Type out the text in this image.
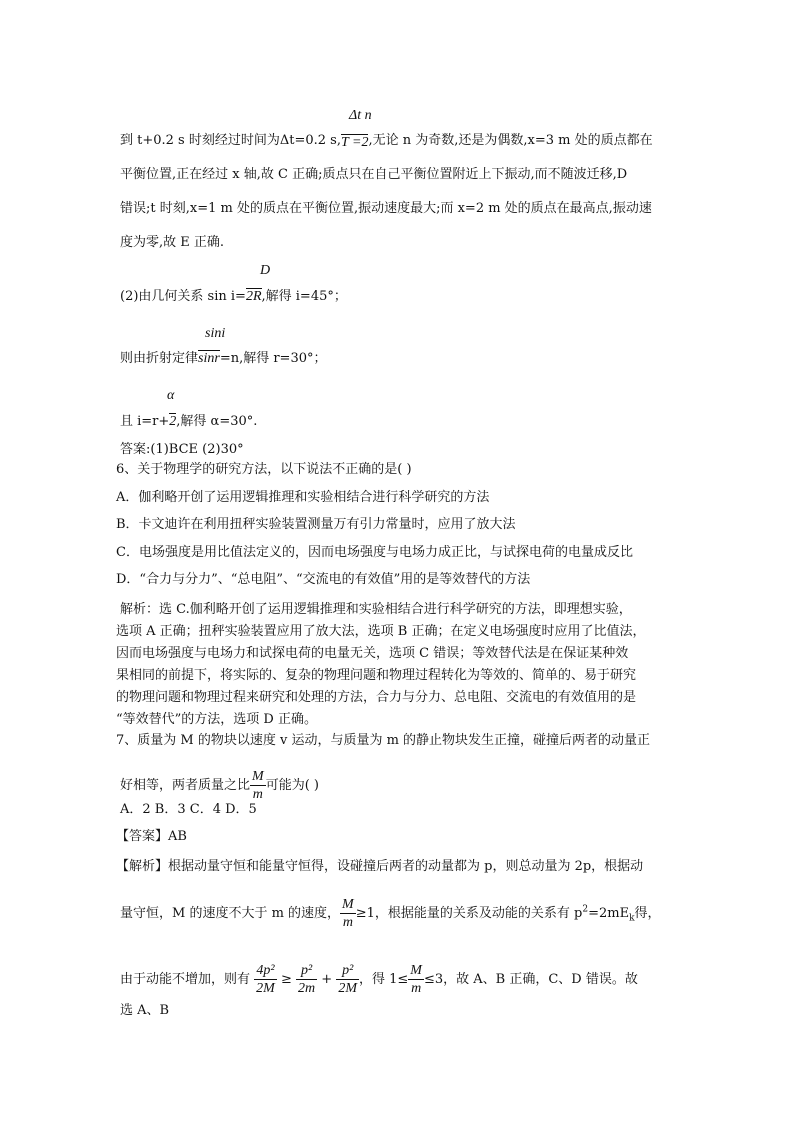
Δt n
到 t+0.2 s 时刻经过时间为Δt=0.2 s, T =2 ,无论 n 为奇数,还是为偶数,x=3 m 处的质点都在
平衡位置,正在经过 x 轴,故 C 正确;质点只在自己平衡位置附近上下振动,而不随波迁移,D
错误;t 时刻,x=1 m 处的质点在平衡位置,振动速度最大;而 x=2 m 处的质点在最高点,振动速
度为零,故 E 正确.
D
(2)由几何关系 sin i=2R,解得 i=45°；
sini
则由折射定律sinr=n,解得 r=30°；
α
且 i=r+2,解得 α=30°.
答案:(1)BCE (2)30°
6、关于物理学的研究方法，以下说法不正确的是( )
A．伽利略开创了运用逻辑推理和实验相结合进行科学研究的方法
B．卡文迪许在利用扭秤实验装置测量万有引力常量时，应用了放大法
C．电场强度是用比值法定义的，因而电场强度与电场力成正比，与试探电荷的电量成反比
D．“合力与分力”、“总电阻”、“交流电的有效值”用的是等效替代的方法
解析：选 C.伽利略开创了运用逻辑推理和实验相结合进行科学研究的方法，即理想实验，
选项 A 正确；扭秤实验装置应用了放大法，选项 B 正确；在定义电场强度时应用了比值法，
因而电场强度与电场力和试探电荷的电量无关，选项 C 错误；等效替代法是在保证某种效
果相同的前提下，将实际的、复杂的物理问题和物理过程转化为等效的、简单的、易于研究
的物理问题和物理过程来研究和处理的方法，合力与分力、总电阻、交流电的有效值用的是
“等效替代”的方法，选项 D 正确。
7、质量为 M 的物块以速度 v 运动，与质量为 m 的静止物块发生正撞，碰撞后两者的动量正
好相等，两者质量之比 $\frac{M}{m}$ 可能为( )
A．2 B．3 C．4 D．5
【答案】AB
【解析】根据动量守恒和能量守恒得，设碰撞后两者的动量都为 p，则总动量为 2p，根据动
量守恒，M 的速度不大于 m 的速度， $\frac{M}{m} \ge 1$，根据能量的关系及动能的关系有 $p^2=2mE_k$得，
由于动能不增加，则有 $\frac{\text{4p²}}{2M} \ge \frac{\text{p²}}{2m} + \frac{\text{p²}}{2M}$ ，得 $1\le \frac{M}{m} \le 3$，故 A、B 正确，C、D 错误。故
选 A、B
